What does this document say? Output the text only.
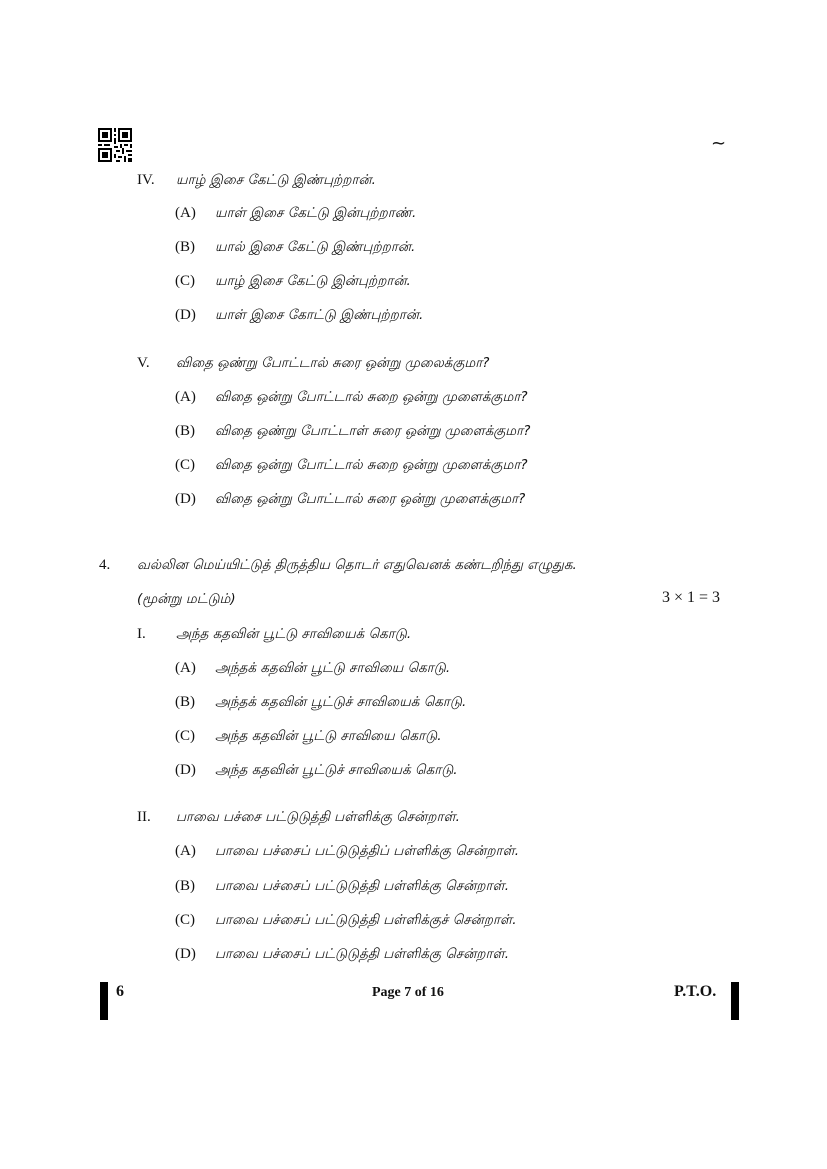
~
IV. யாழ் இசை கேட்டு இண்புற்றான்.
(A) யாள் இசை கேட்டு இன்புற்றாண்.
(B) யால் இசை கேட்டு இண்புற்றான்.
(C) யாழ் இசை கேட்டு இன்புற்றான்.
(D) யாள் இசை கோட்டு இண்புற்றான்.
V. விதை ஒண்று போட்டால் சுரை ஒன்று முலைக்குமா?
(A) விதை ஒன்று போட்டால் சுறை ஒன்று முளைக்குமா?
(B) விதை ஒண்று போட்டாள் சுரை ஒன்று முளைக்குமா?
(C) விதை ஒன்று போட்டால் சுறை ஒன்று முளைக்குமா?
(D) விதை ஒன்று போட்டால் சுரை ஒன்று முளைக்குமா?
4. வல்லின மெய்யிட்டுத் திருத்திய தொடர் எதுவெனக் கண்டறிந்து எழுதுக.
(மூன்று மட்டும்)	3 × 1 = 3
I. அந்த கதவின் பூட்டு சாவியைக் கொடு.
(A) அந்தக் கதவின் பூட்டு சாவியை கொடு.
(B) அந்தக் கதவின் பூட்டுச் சாவியைக் கொடு.
(C) அந்த கதவின் பூட்டு சாவியை கொடு.
(D) அந்த கதவின் பூட்டுச் சாவியைக் கொடு.
II. பாவை பச்சை பட்டுடுத்தி பள்ளிக்கு சென்றாள்.
(A) பாவை பச்சைப் பட்டுடுத்திப் பள்ளிக்கு சென்றாள்.
(B) பாவை பச்சைப் பட்டுடுத்தி பள்ளிக்கு சென்றாள்.
(C) பாவை பச்சைப் பட்டுடுத்தி பள்ளிக்குச் சென்றாள்.
(D) பாவை பச்சைப் பட்டுடுத்தி பள்ளிக்கு சென்றாள்.
6	Page 7 of 16	P.T.O.
